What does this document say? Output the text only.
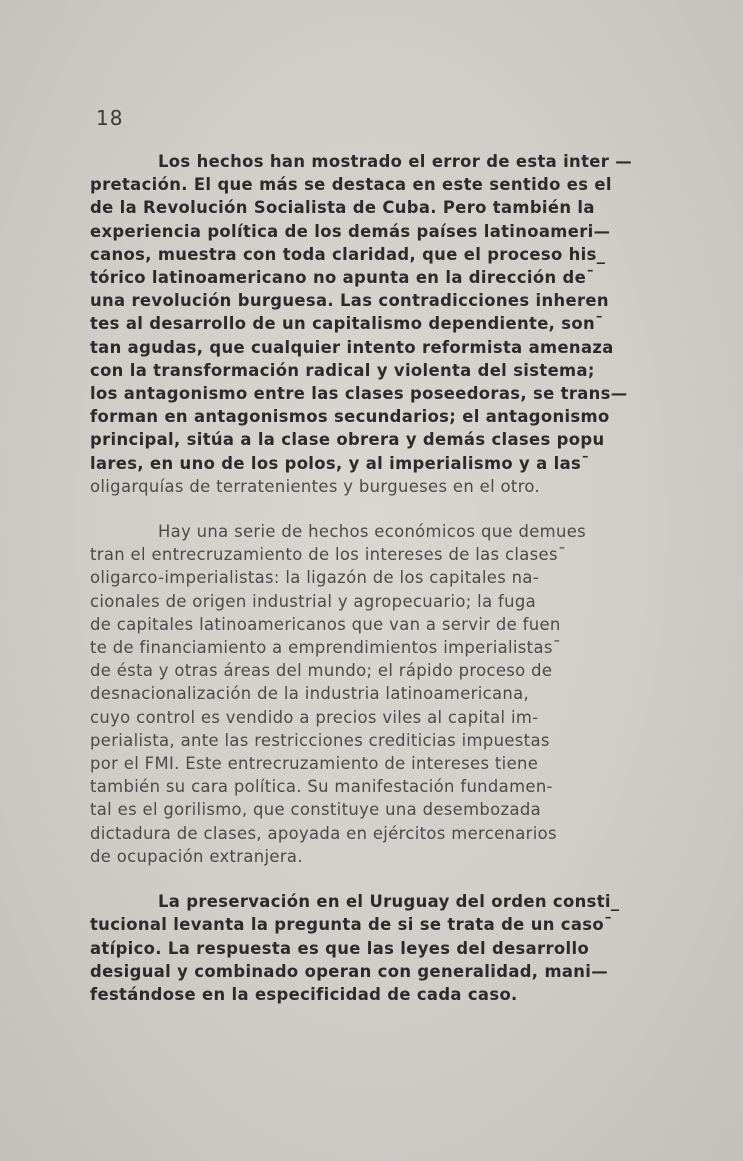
18
Los hechos han mostrado el error de esta inter —
pretación. El que más se destaca en este sentido es el
de la Revolución Socialista de Cuba. Pero también la
experiencia política de los demás países latinoameri—
canos, muestra con toda claridad, que el proceso his_
tórico latinoamericano no apunta en la dirección de¯
una revolución burguesa. Las contradicciones inheren
tes al desarrollo de un capitalismo dependiente, son¯
tan agudas, que cualquier intento reformista amenaza
con la transformación radical y violenta del sistema;
los antagonismo entre las clases poseedoras, se trans—
forman en antagonismos secundarios; el antagonismo
principal, sitúa a la clase obrera y demás clases popu
lares, en uno de los polos, y al imperialismo y a las¯
oligarquías de terratenientes y burgueses en el otro.
Hay una serie de hechos económicos que demues
tran el entrecruzamiento de los intereses de las clases¯
oligarco-imperialistas: la ligazón de los capitales na-
cionales de origen industrial y agropecuario; la fuga
de capitales latinoamericanos que van a servir de fuen
te de financiamiento a emprendimientos imperialistas¯
de ésta y otras áreas del mundo; el rápido proceso de
desnacionalización de la industria latinoamericana,
cuyo control es vendido a precios viles al capital im-
perialista, ante las restricciones crediticias impuestas
por el FMI. Este entrecruzamiento de intereses tiene
también su cara política. Su manifestación fundamen-
tal es el gorilismo, que constituye una desembozada
dictadura de clases, apoyada en ejércitos mercenarios
de ocupación extranjera.
La preservación en el Uruguay del orden consti_
tucional levanta la pregunta de si se trata de un caso¯
atípico. La respuesta es que las leyes del desarrollo
desigual y combinado operan con generalidad, mani—
festándose en la especificidad de cada caso.
